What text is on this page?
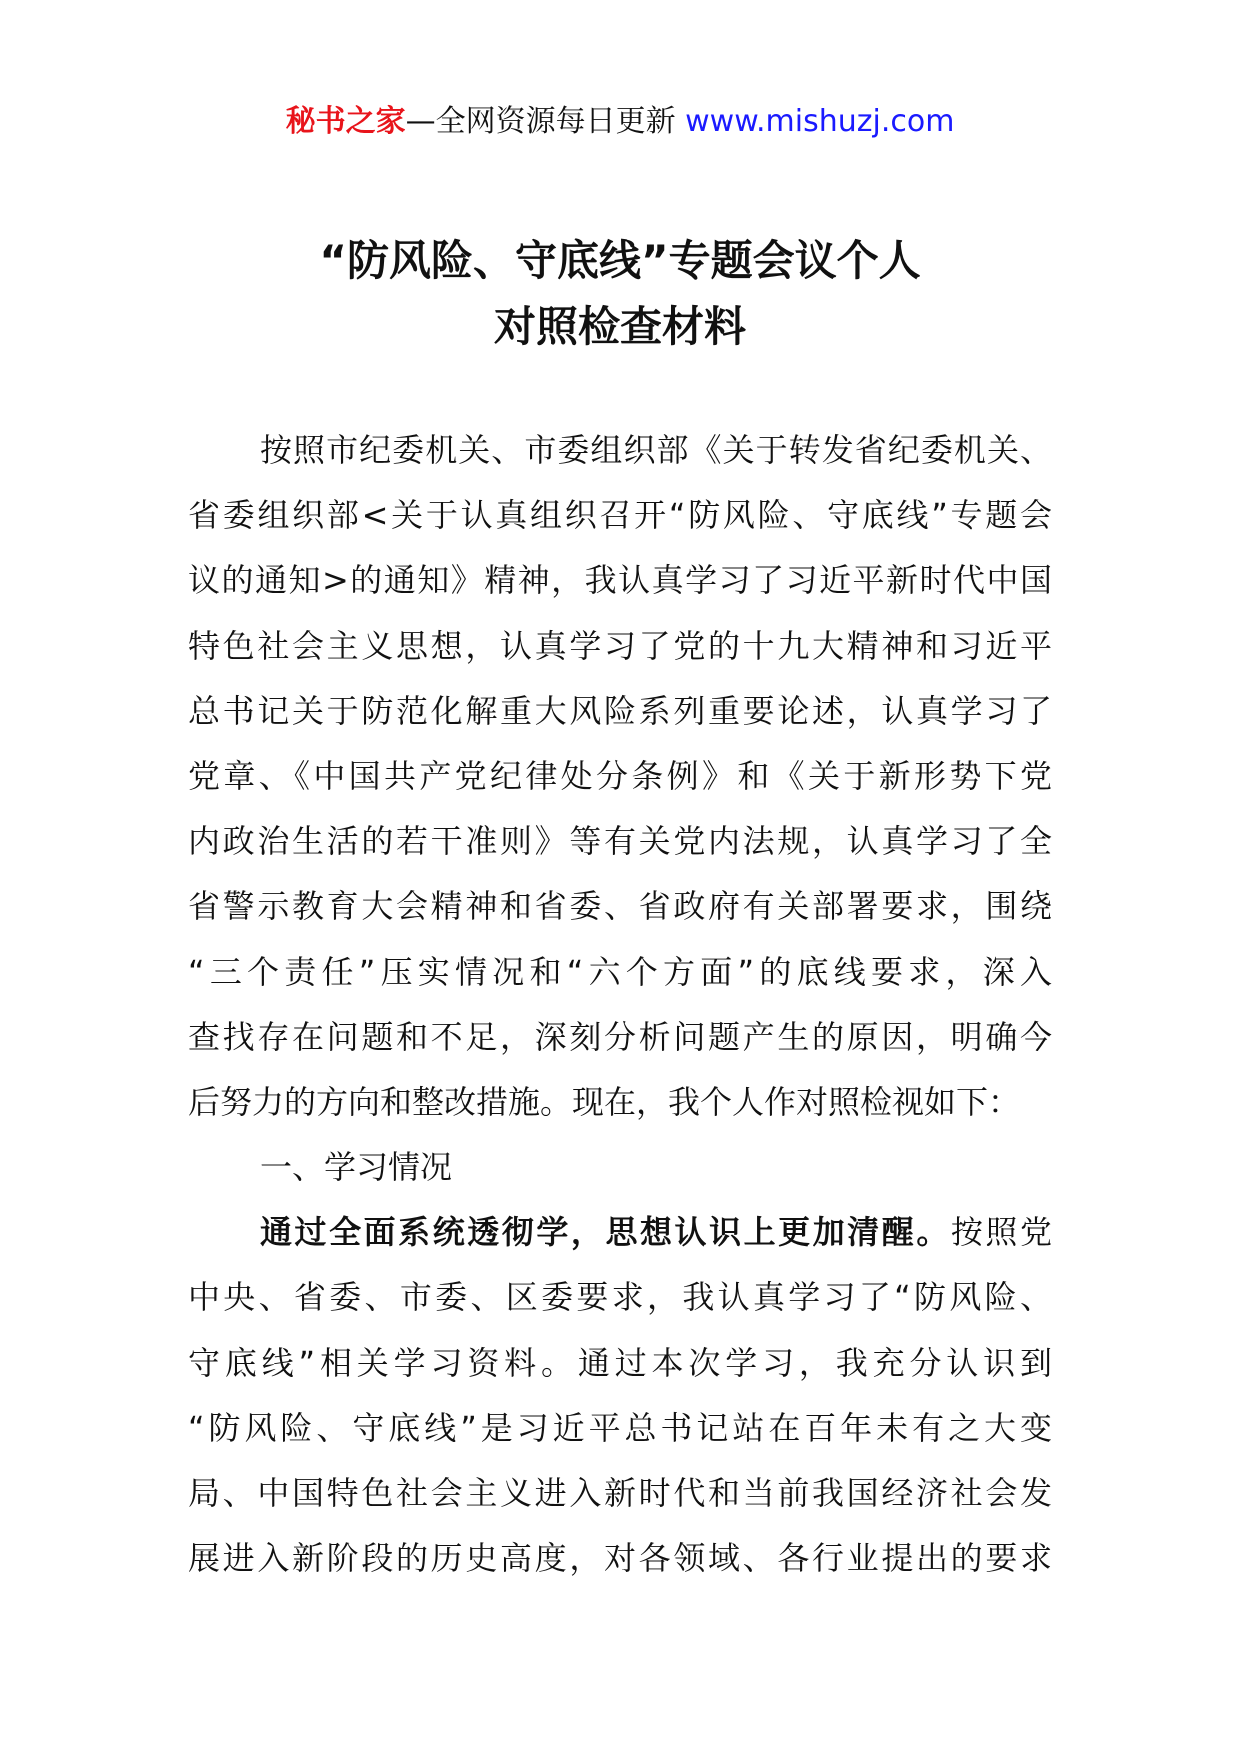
秘书之家—全网资源每日更新 www.mishuzj.com
“防风险、守底线”专题会议个人
对照检查材料
按照市纪委机关、市委组织部《关于转发省纪委机关、
省委组织部<关于认真组织召开“防风险、守底线”专题会
议的通知>的通知》精神，我认真学习了习近平新时代中国
特色社会主义思想，认真学习了党的十九大精神和习近平
总书记关于防范化解重大风险系列重要论述，认真学习了
党章、《中国共产党纪律处分条例》和《关于新形势下党
内政治生活的若干准则》等有关党内法规，认真学习了全
省警示教育大会精神和省委、省政府有关部署要求，围绕
“三个责任”压实情况和“六个方面”的底线要求，深入
查找存在问题和不足，深刻分析问题产生的原因，明确今
后努力的方向和整改措施。现在，我个人作对照检视如下：
一、学习情况
通过全面系统透彻学，思想认识上更加清醒。按照党
中央、省委、市委、区委要求，我认真学习了“防风险、
守底线”相关学习资料。通过本次学习，我充分认识到
“防风险、守底线”是习近平总书记站在百年未有之大变
局、中国特色社会主义进入新时代和当前我国经济社会发
展进入新阶段的历史高度，对各领域、各行业提出的要求
